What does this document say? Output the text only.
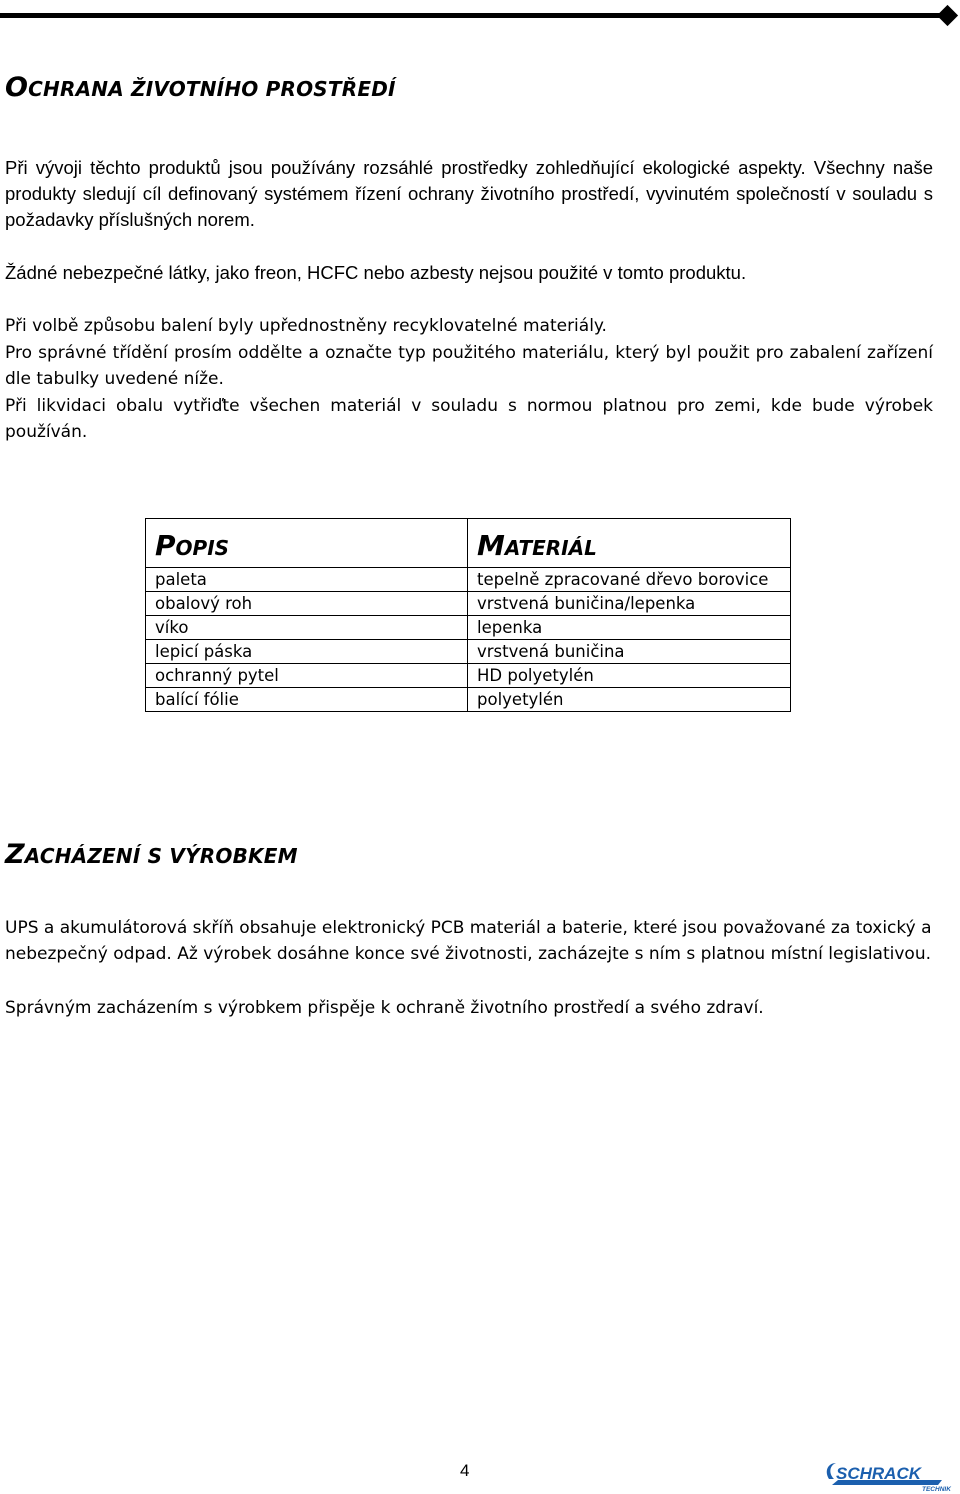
OCHRANA ŽIVOTNÍHO PROSTŘEDÍ

Při vývoji těchto produktů jsou používány rozsáhlé prostředky zohledňující ekologické aspekty. Všechny naše produkty sledují cíl definovaný systémem řízení ochrany životního prostředí, vyvinutém společností v souladu s požadavky příslušných norem.

Žádné nebezpečné látky, jako freon, HCFC nebo azbesty nejsou použité v tomto produktu.

Při volbě způsobu balení byly upřednostněny recyklovatelné materiály.

Pro správné třídění prosím oddělte a označte typ použitého materiálu, který byl použit pro zabalení zařízení dle tabulky uvedené níže.

Při likvidaci obalu vytřiďte všechen materiál v souladu s normou platnou pro zemi, kde bude výrobek používán.

POPIS	MATERIÁL
paleta	tepelně zpracované dřevo borovice
obalový roh	vrstvená buničina/lepenka
víko	lepenka
lepicí páska	vrstvená buničina
ochranný pytel	HD polyetylén
balící fólie	polyetylén
ZACHÁZENÍ S VÝROBKEM

UPS a akumulátorová skříň obsahuje elektronický PCB materiál a baterie, které jsou považované za toxický a nebezpečný odpad. Až výrobek dosáhne konce své životnosti, zacházejte s ním s platnou místní legislativou.

Správným zacházením s výrobkem přispěje k ochraně životního prostředí a svého zdraví.

4	SCHRACK
TECHNIK
